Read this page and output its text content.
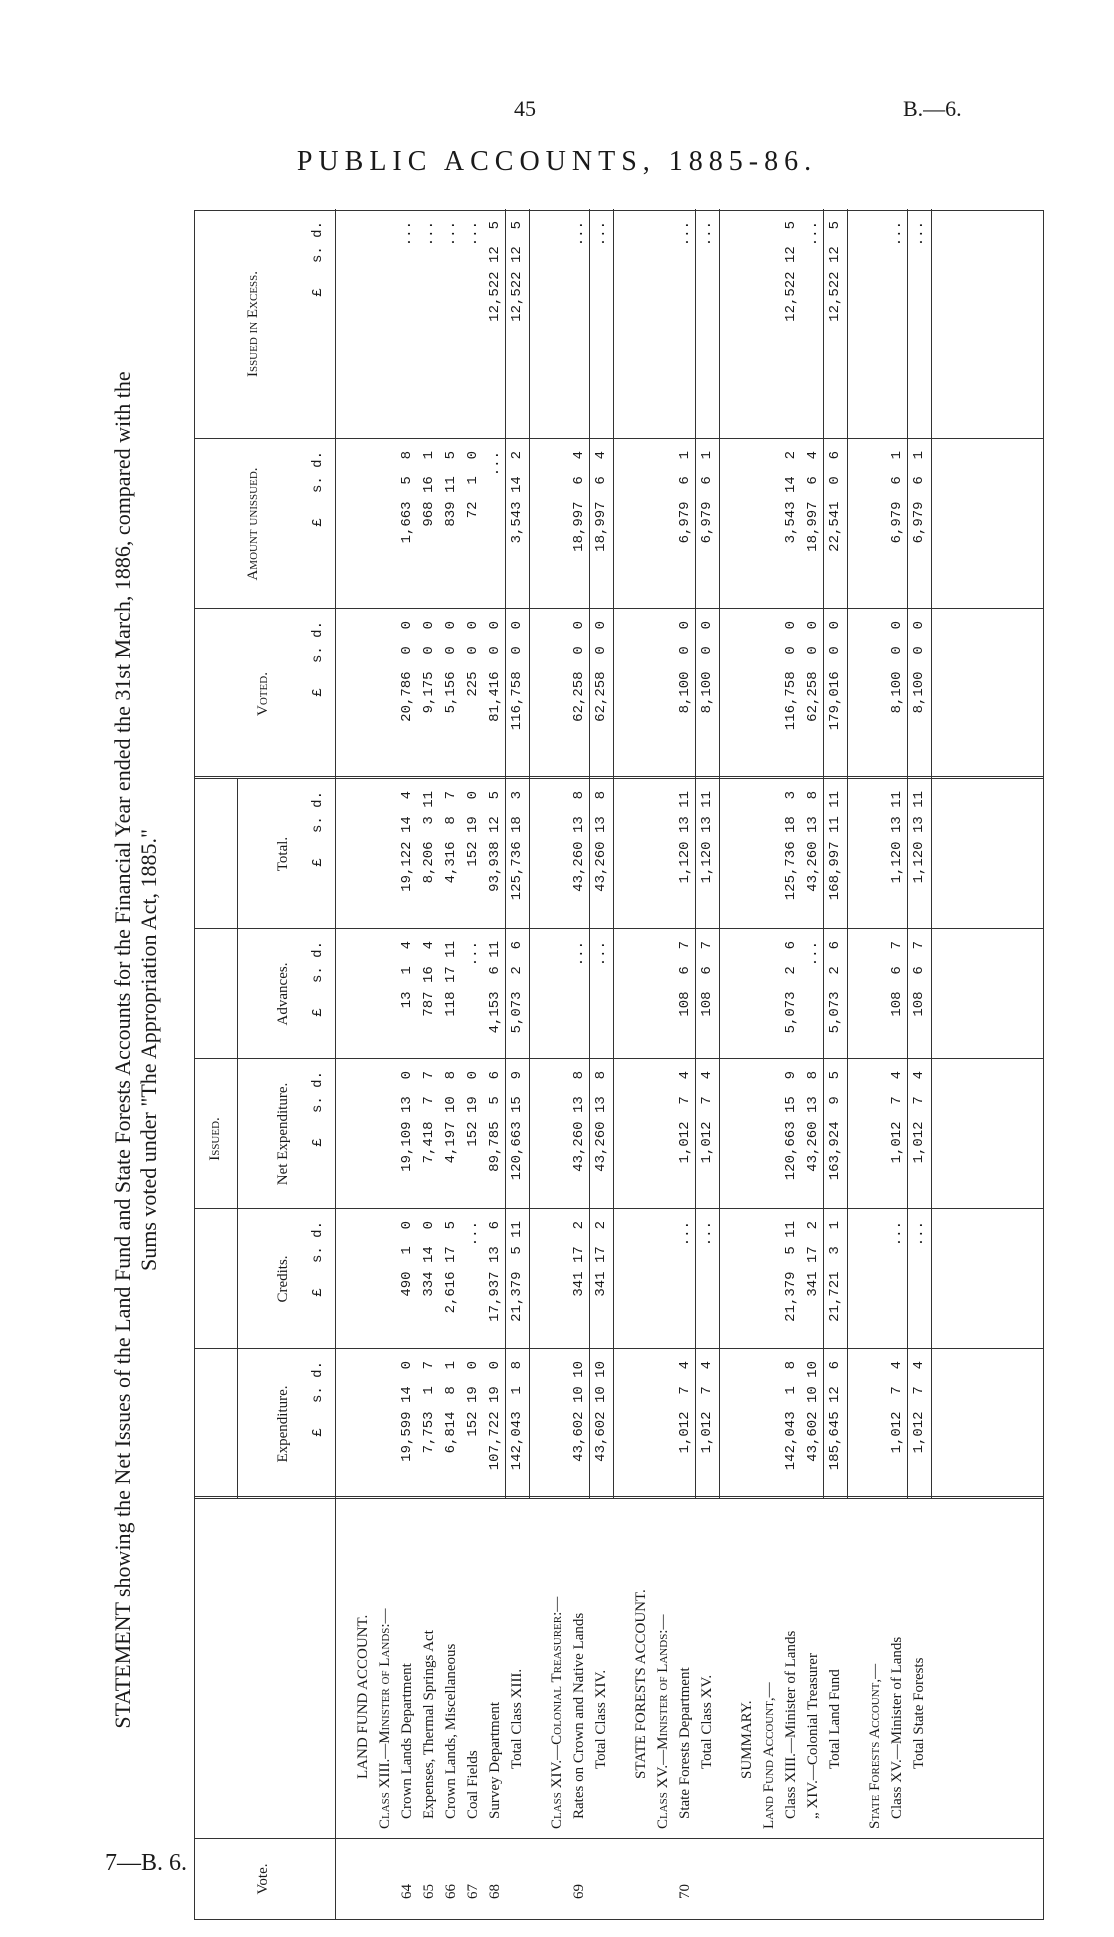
45	B.—6.
PUBLIC ACCOUNTS, 1885-86.
7—B. 6.
STATEMENT showing the Net Issues of the Land Fund and State Forests Accounts for the Financial Year ended the 31st March, 1886, compared with the Sums voted under "The Appropriation Act, 1885."
Vote.
Issued.
Expenditure.
Credits.
Net Expenditure.
Advances.
Total.
Voted.
Amount unissued.
Issued in Excess.
£   s. d.
£   s. d.
£   s. d.
£   s. d.
£   s. d.
£   s. d.
£   s. d.
£   s. d.
LAND FUND ACCOUNT. Class XIII.—Minister of Lands:—
64
Crown Lands Department
19,599 14  0
490  1  0
19,109 13  0
13  1  4
19,122 14  4
20,786  0  0
1,663  5  8
...
65
Expenses, Thermal Springs Act
7,753  1  7
334 14  0
7,418  7  7
787 16  4
8,206  3 11
9,175  0  0
968 16  1
...
66
Crown Lands, Miscellaneous
6,814  8  1
2,616 17  5
4,197 10  8
118 17 11
4,316  8  7
5,156  0  0
839 11  5
...
67
Coal Fields
152 19  0
...
152 19  0
...
152 19  0
225  0  0
72  1  0
...
68
Survey Department
107,722 19  0
17,937 13  6
89,785  5  6
4,153  6 11
93,938 12  5
81,416  0  0
...
12,522 12  5
Total Class XIII.
142,043  1  8
21,379  5 11
120,663 15  9
5,073  2  6
125,736 18  3
116,758  0  0
3,543 14  2
12,522 12  5
Class XIV.—Colonial Treasurer:—
69
Rates on Crown and Native Lands
43,602 10 10
341 17  2
43,260 13  8
...
43,260 13  8
62,258  0  0
18,997  6  4
...
Total Class XIV.
43,602 10 10
341 17  2
43,260 13  8
...
43,260 13  8
62,258  0  0
18,997  6  4
...
STATE FORESTS ACCOUNT. Class XV.—Minister of Lands:—
70
State Forests Department
1,012  7  4
...
1,012  7  4
108  6  7
1,120 13 11
8,100  0  0
6,979  6  1
...
Total Class XV.
1,012  7  4
...
1,012  7  4
108  6  7
1,120 13 11
8,100  0  0
6,979  6  1
...
SUMMARY. Land Fund Account,— Class XIII.—Minister of Lands
142,043  1  8
21,379  5 11
120,663 15  9
5,073  2  6
125,736 18  3
116,758  0  0
3,543 14  2
12,522 12  5
„ XIV.—Colonial Treasurer
43,602 10 10
341 17  2
43,260 13  8
...
43,260 13  8
62,258  0  0
18,997  6  4
...
Total Land Fund
185,645 12  6
21,721  3  1
163,924  9  5
5,073  2  6
168,997 11 11
179,016  0  0
22,541  0  6
12,522 12  5
State Forests Account,— Class XV.—Minister of Lands
1,012  7  4
...
1,012  7  4
108  6  7
1,120 13 11
8,100  0  0
6,979  6  1
...
Total State Forests
1,012  7  4
...
1,012  7  4
108  6  7
1,120 13 11
8,100  0  0
6,979  6  1
...
